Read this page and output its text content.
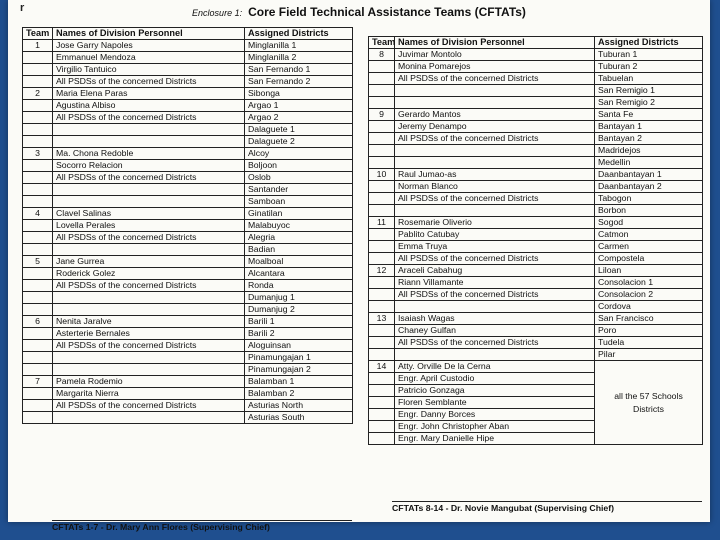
r	Enclosure 1: Core Field Technical Assistance Teams (CFTATs)
Team	Names of Division Personnel	Assigned Districts
1	Jose Garry Napoles	Minglanilla 1
	Emmanuel Mendoza	Minglanilla 2
	Virgilio Tantuico	San Fernando 1
	All PSDSs of the concerned Districts	San Fernando 2
2	Maria Elena Paras	Sibonga
	Agustina Albiso	Argao 1
	All PSDSs of the concerned Districts	Argao 2
		Dalaguete 1
		Dalaguete 2
3	Ma. Chona Redoble	Alcoy
	Socorro Relacion	Boljoon
	All PSDSs of the concerned Districts	Oslob
		Santander
		Samboan
4	Clavel Salinas	Ginatilan
	Lovella Perales	Malabuyoc
	All PSDSs of the concerned Districts	Alegria
		Badian
5	Jane Gurrea	Moalboal
	Roderick Golez	Alcantara
	All PSDSs of the concerned Districts	Ronda
		Dumanjug 1
		Dumanjug 2
6	Nenita Jaralve	Barili 1
	Asterterie Bernales	Barili 2
	All PSDSs of the concerned Districts	Aloguinsan
		Pinamungajan 1
		Pinamungajan 2
7	Pamela Rodemio	Balamban 1
	Margarita Nierra	Balamban 2
	All PSDSs of the concerned Districts	Asturias North
		Asturias South
Team	Names of Division Personnel	Assigned Districts
8	Juvimar Montolo	Tuburan 1
	Monina Pomarejos	Tuburan 2
	All PSDSs of the concerned Districts	Tabuelan
		San Remigio 1
		San Remigio 2
9	Gerardo Mantos	Santa Fe
	Jeremy Denampo	Bantayan 1
	All PSDSs of the concerned Districts	Bantayan 2
		Madridejos
		Medellin
10	Raul Jumao-as	Daanbantayan 1
	Norman Blanco	Daanbantayan 2
	All PSDSs of the concerned Districts	Tabogon
		Borbon
11	Rosemarie Oliverio	Sogod
	Pablito Catubay	Catmon
	Emma Truya	Carmen
	All PSDSs of the concerned Districts	Compostela
12	Araceli Cabahug	Liloan
	Riann Villamante	Consolacion 1
	All PSDSs of the concerned Districts	Consolacion 2
		Cordova
13	Isaiash Wagas	San Francisco
	Chaney Gulfan	Poro
	All PSDSs of the concerned Districts	Tudela
		Pilar
14	Atty. Orville De la Cerna	all the 57 Schools Districts
	Engr. April Custodio	
	Patricio Gonzaga	
	Floren Semblante	
	Engr. Danny Borces	
	Engr. John Christopher Aban	
	Engr. Mary Danielle Hipe	
CFTATs 1-7 - Dr. Mary Ann Flores (Supervising Chief)
CFTATs 8-14 - Dr. Novie Mangubat (Supervising Chief)
